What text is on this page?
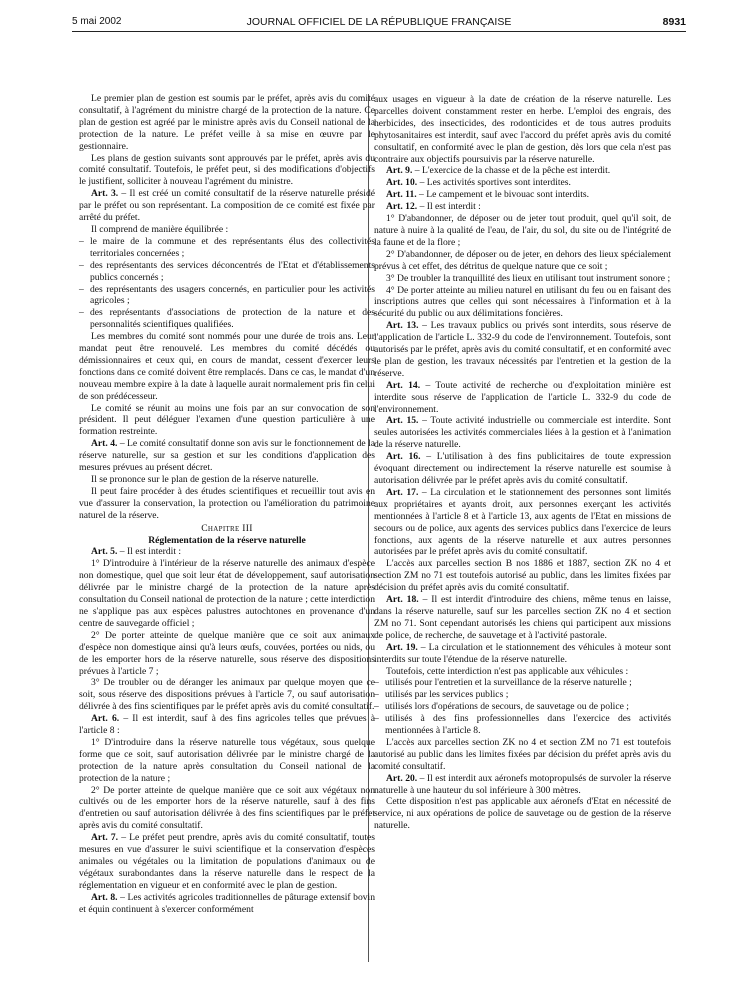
5 mai 2002	JOURNAL OFFICIEL DE LA RÉPUBLIQUE FRANÇAISE	8931

Le premier plan de gestion est soumis par le préfet, après avis du comité consultatif, à l'agrément du ministre chargé de la protection de la nature. Ce plan de gestion est agréé par le ministre après avis du Conseil national de la protection de la nature. Le préfet veille à sa mise en œuvre par le gestionnaire.

Les plans de gestion suivants sont approuvés par le préfet, après avis du comité consultatif. Toutefois, le préfet peut, si des modifications d'objectifs le justifient, solliciter à nouveau l'agrément du ministre.

Art. 3. – Il est créé un comité consultatif de la réserve naturelle présidé par le préfet ou son représentant. La composition de ce comité est fixée par arrêté du préfet.

Il comprend de manière équilibrée :

– le maire de la commune et des représentants élus des collectivités territoriales concernées ;
– des représentants des services déconcentrés de l'Etat et d'établissements publics concernés ;
– des représentants des usagers concernés, en particulier pour les activités agricoles ;
– des représentants d'associations de protection de la nature et des personnalités scientifiques qualifiées.

Les membres du comité sont nommés pour une durée de trois ans. Leur mandat peut être renouvelé. Les membres du comité décédés ou démissionnaires et ceux qui, en cours de mandat, cessent d'exercer leurs fonctions dans ce comité doivent être remplacés. Dans ce cas, le mandat d'un nouveau membre expire à la date à laquelle aurait normalement pris fin celui de son prédécesseur.

Le comité se réunit au moins une fois par an sur convocation de son président. Il peut déléguer l'examen d'une question particulière à une formation restreinte.

Art. 4. – Le comité consultatif donne son avis sur le fonctionnement de la réserve naturelle, sur sa gestion et sur les conditions d'application des mesures prévues au présent décret.

Il se prononce sur le plan de gestion de la réserve naturelle.

Il peut faire procéder à des études scientifiques et recueillir tout avis en vue d'assurer la conservation, la protection ou l'amélioration du patrimoine naturel de la réserve.

Chapitre III

Réglementation de la réserve naturelle

Art. 5. – Il est interdit :

1° D'introduire à l'intérieur de la réserve naturelle des animaux d'espèce non domestique, quel que soit leur état de développement, sauf autorisation délivrée par le ministre chargé de la protection de la nature après consultation du Conseil national de protection de la nature ; cette interdiction ne s'applique pas aux espèces palustres autochtones en provenance d'un centre de sauvegarde officiel ;

2° De porter atteinte de quelque manière que ce soit aux animaux d'espèce non domestique ainsi qu'à leurs œufs, couvées, portées ou nids, ou de les emporter hors de la réserve naturelle, sous réserve des dispositions prévues à l'article 7 ;

3° De troubler ou de déranger les animaux par quelque moyen que ce soit, sous réserve des dispositions prévues à l'article 7, ou sauf autorisation délivrée à des fins scientifiques par le préfet après avis du comité consultatif.

Art. 6. – Il est interdit, sauf à des fins agricoles telles que prévues à l'article 8 :

1° D'introduire dans la réserve naturelle tous végétaux, sous quelque forme que ce soit, sauf autorisation délivrée par le ministre chargé de la protection de la nature après consultation du Conseil national de la protection de la nature ;

2° De porter atteinte de quelque manière que ce soit aux végétaux non cultivés ou de les emporter hors de la réserve naturelle, sauf à des fins d'entretien ou sauf autorisation délivrée à des fins scientifiques par le préfet après avis du comité consultatif.

Art. 7. – Le préfet peut prendre, après avis du comité consultatif, toutes mesures en vue d'assurer le suivi scientifique et la conservation d'espèces animales ou végétales ou la limitation de populations d'animaux ou de végétaux surabondantes dans la réserve naturelle dans le respect de la réglementation en vigueur et en conformité avec le plan de gestion.

Art. 8. – Les activités agricoles traditionnelles de pâturage extensif bovin et équin continuent à s'exercer conformément

aux usages en vigueur à la date de création de la réserve naturelle. Les parcelles doivent constamment rester en herbe. L'emploi des engrais, des herbicides, des insecticides, des rodonticides et de tous autres produits phytosanitaires est interdit, sauf avec l'accord du préfet après avis du comité consultatif, en conformité avec le plan de gestion, dès lors que cela n'est pas contraire aux objectifs poursuivis par la réserve naturelle.

Art. 9. – L'exercice de la chasse et de la pêche est interdit.

Art. 10. – Les activités sportives sont interdites.

Art. 11. – Le campement et le bivouac sont interdits.

Art. 12. – Il est interdit :

1° D'abandonner, de déposer ou de jeter tout produit, quel qu'il soit, de nature à nuire à la qualité de l'eau, de l'air, du sol, du site ou de l'intégrité de la faune et de la flore ;

2° D'abandonner, de déposer ou de jeter, en dehors des lieux spécialement prévus à cet effet, des détritus de quelque nature que ce soit ;

3° De troubler la tranquillité des lieux en utilisant tout instrument sonore ;

4° De porter atteinte au milieu naturel en utilisant du feu ou en faisant des inscriptions autres que celles qui sont nécessaires à l'information et à la sécurité du public ou aux délimitations foncières.

Art. 13. – Les travaux publics ou privés sont interdits, sous réserve de l'application de l'article L. 332-9 du code de l'environnement. Toutefois, sont autorisés par le préfet, après avis du comité consultatif, et en conformité avec le plan de gestion, les travaux nécessités par l'entretien et la gestion de la réserve.

Art. 14. – Toute activité de recherche ou d'exploitation minière est interdite sous réserve de l'application de l'article L. 332-9 du code de l'environnement.

Art. 15. – Toute activité industrielle ou commerciale est interdite. Sont seules autorisées les activités commerciales liées à la gestion et à l'animation de la réserve naturelle.

Art. 16. – L'utilisation à des fins publicitaires de toute expression évoquant directement ou indirectement la réserve naturelle est soumise à autorisation délivrée par le préfet après avis du comité consultatif.

Art. 17. – La circulation et le stationnement des personnes sont limités aux propriétaires et ayants droit, aux personnes exerçant les activités mentionnées à l'article 8 et à l'article 13, aux agents de l'Etat en missions de secours ou de police, aux agents des services publics dans l'exercice de leurs fonctions, aux agents de la réserve naturelle et aux autres personnes autorisées par le préfet après avis du comité consultatif.

L'accès aux parcelles section B nos 1886 et 1887, section ZK no 4 et section ZM no 71 est toutefois autorisé au public, dans les limites fixées par décision du préfet après avis du comité consultatif.

Art. 18. – Il est interdit d'introduire des chiens, même tenus en laisse, dans la réserve naturelle, sauf sur les parcelles section ZK no 4 et section ZM no 71. Sont cependant autorisés les chiens qui participent aux missions de police, de recherche, de sauvetage et à l'activité pastorale.

Art. 19. – La circulation et le stationnement des véhicules à moteur sont interdits sur toute l'étendue de la réserve naturelle.

Toutefois, cette interdiction n'est pas applicable aux véhicules :

– utilisés pour l'entretien et la surveillance de la réserve naturelle ;
– utilisés par les services publics ;
– utilisés lors d'opérations de secours, de sauvetage ou de police ;
– utilisés à des fins professionnelles dans l'exercice des activités mentionnées à l'article 8.

L'accès aux parcelles section ZK no 4 et section ZM no 71 est toutefois autorisé au public dans les limites fixées par décision du préfet après avis du comité consultatif.

Art. 20. – Il est interdit aux aéronefs motopropulsés de survoler la réserve naturelle à une hauteur du sol inférieure à 300 mètres.

Cette disposition n'est pas applicable aux aéronefs d'Etat en nécessité de service, ni aux opérations de police de sauvetage ou de gestion de la réserve naturelle.
